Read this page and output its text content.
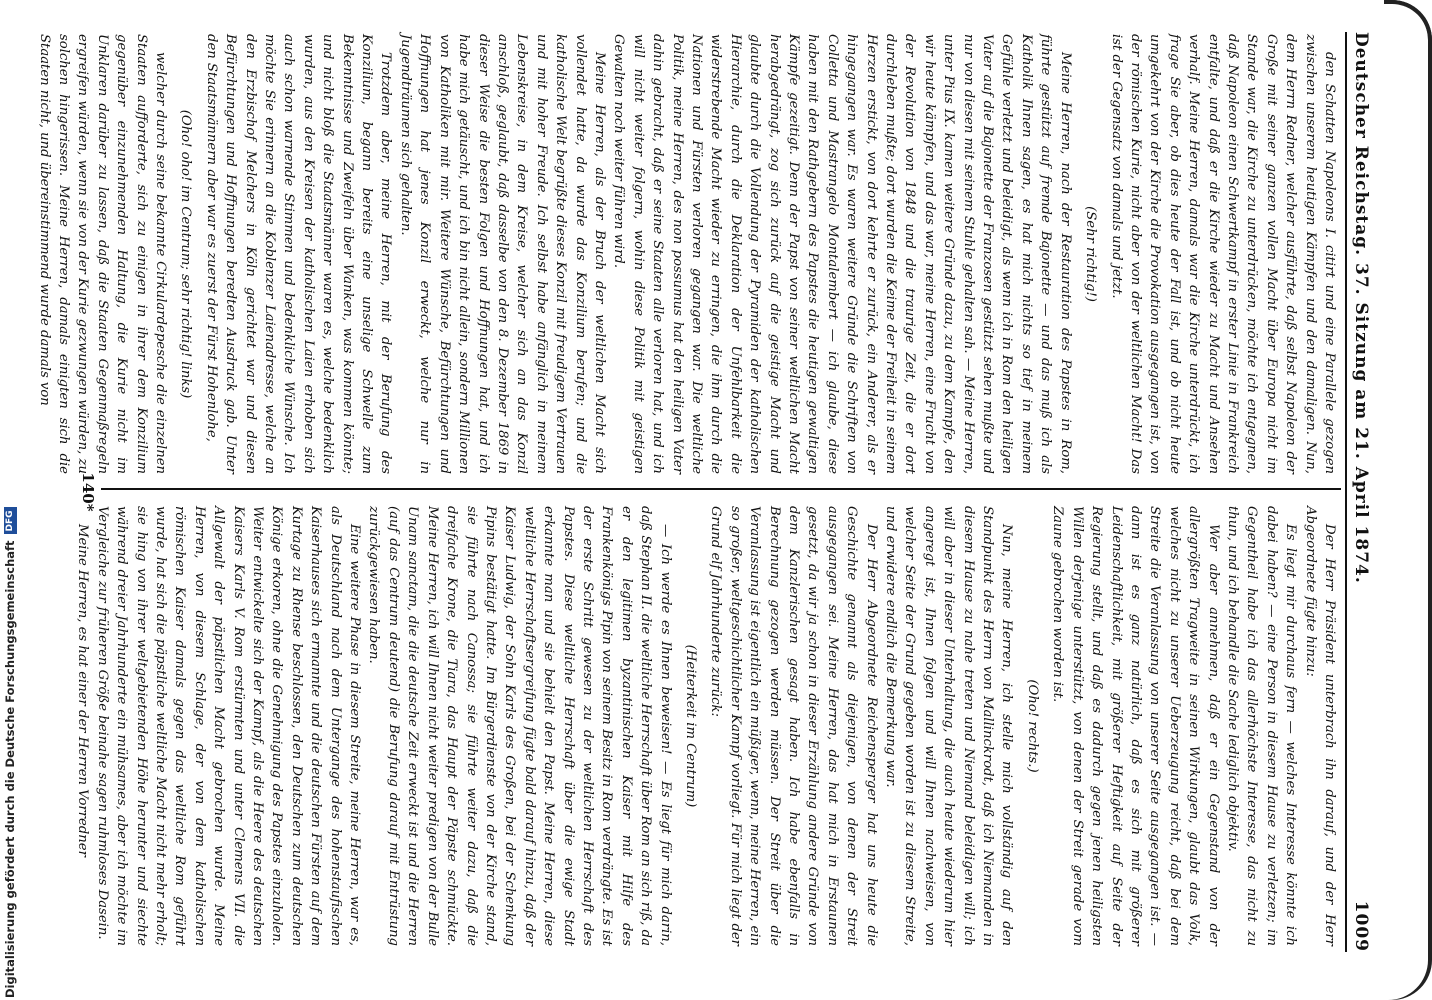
Deutscher Reichstag. 37. Sitzung am 21. April 1874.
1009

den Schatten Napoleons I. citirt und eine Parallele gezogen zwischen unserem heutigen Kämpfen und den damaligen. Nun, dem Herrn Redner, welcher ausführte, daß selbst Napoleon der Große mit seiner ganzen vollen Macht über Europa nicht im Stande war, die Kirche zu unterdrücken, möchte ich entgegnen, daß Napoleon einen Schwertkampf in erster Linie in Frankreich entfalte, und daß er die Kirche wieder zu Macht und Ansehen verhalf. Meine Herren, damals war die Kirche unterdrückt, ich frage Sie aber, ob dies heute der Fall ist, und ob nicht heute umgekehrt von der Kirche die Provokation ausgegangen ist, von der römischen Kurie, nicht aber von der weltlichen Macht! Das ist der Gegensatz von damals und jetzt.

(Sehr richtig!)

Meine Herren, nach der Restauration des Papstes in Rom, führte gestützt auf fremde Bajonette — und das muß ich als Katholik Ihnen sagen, es hat mich nichts so tief in meinem Gefühle verletzt und beleidigt, als wenn ich in Rom den heiligen Vater auf die Bajonette der Franzosen gestützt sehen mußte und nur von diesen mit seinem Stuhle gehalten sah. — Meine Herren, unter Pius IX. kamen weitere Gründe dazu, zu dem Kampfe, den wir heute kämpfen, und das war, meine Herren, eine Frucht von der Revolution von 1848 und die traurige Zeit, die er dort durchleben mußte; dort wurden die Keime der Freiheit in seinem Herzen erstickt, von dort kehrte er zurück, ein Anderer, als er hingegangen war. Es waren weitere Gründe die Schriften von Colletta und Mastrangelo Montalembert — ich glaube, diese haben mit den Rathgebern des Papstes die heutigen gewaltigen Kämpfe gezeitigt. Denn der Papst von seiner weltlichen Macht herabgedrängt, zog sich zurück auf die geistige Macht und glaubte durch die Vollendung der Pyramiden der katholischen Hierarchie, durch die Deklaration der Unfehlbarkeit die widerstrebende Macht wieder zu erringen, die ihm durch die Nationen und Fürsten verloren gegangen war. Die weltliche Politik, meine Herren, des non possumus hat den heiligen Vater dahin gebracht, daß er seine Staaten alle verloren hat, und ich will nicht weiter folgern, wohin diese Politik mit geistigen Gewalten noch weiter führen wird.

Meine Herren, als der Bruch der weltlichen Macht sich vollendet hatte, da wurde das Konzilium berufen; und die katholische Welt begrüßte dieses Konzil mit freudigem Vertrauen und mit hoher Freude. Ich selbst habe anfänglich in meinem Lebenskreise, in dem Kreise, welcher sich an das Konzil anschloß, geglaubt, daß dasselbe von den 8. Dezember 1869 in dieser Weise die besten Folgen und Hoffnungen hat, und ich habe mich getäuscht, und ich bin nicht allein, sondern Millionen von Katholiken mit mir. Weitere Wünsche, Befürchtungen und Hoffnungen hat jenes Konzil erweckt, welche nur in Jugendträumen sich gehalten.

Trotzdem aber, meine Herren, mit der Berufung des Konzilium, begann bereits eine unselige Schwelle zum Bekenntnisse und Zweifeln über Wanken, was kommen könnte; und nicht bloß die Staatsmänner waren es, welche bedenklich wurden, aus den Kreisen der katholischen Laien erhoben sich auch schon warnende Stimmen und bedenkliche Wünsche. Ich möchte Sie erinnern an die Koblenzer Laienadresse, welche an den Erzbischof Melchers in Köln gerichtet war und diesen Befürchtungen und Hoffnungen beredten Ausdruck gab. Unter den Staatsmännern aber war es zuerst der Fürst Hohenlohe,

(Oho! oho! im Centrum; sehr richtig! links)

welcher durch seine bekannte Cirkulardepesche die einzelnen Staaten aufforderte, sich zu einigen in ihrer dem Konzilium gegenüber einzunehmenden Haltung, die Kurie nicht im Unklaren darüber zu lassen, daß die Staaten Gegenmaßregeln ergreifen würden, wenn sie von der Kurie gezwungen würden, zu solchen hingerissen. Meine Herren, damals einigten sich die Staaten nicht, und übereinstimmend wurde damals von

Der Herr Präsident unterbrach ihn darauf, und der Herr Abgeordnete fügte hinzu:

Es liegt mir durchaus fern — welches Interesse könnte ich dabei haben? — eine Person in diesem Hause zu verletzen; im Gegentheil habe ich das allerhöchste Interesse, das nicht zu thun, und ich behandle die Sache lediglich objektiv.

Wer aber annehmen, daß er ein Gegenstand von der allergrößten Tragweite in seinen Wirkungen, glaubt das Volk, welches nicht zu unserer Ueberzeugung reicht, daß bei dem Streite die Veranlassung von unserer Seite ausgegangen ist. — dann ist es ganz natürlich, daß es sich mit größerer Leidenschaftlichkeit, mit größerer Heftigkeit auf Seite der Regierung stellt, und daß es dadurch gegen jenen heiligsten Willen derjenige unterstützt, von denen der Streit gerade vom Zaune gebrochen worden ist.

(Oho! rechts.)

Nun, meine Herren, ich stelle mich vollständig auf den Standpunkt des Herrn von Mallinckrodt, daß ich Niemanden in diesem Hause zu nahe treten und Niemand beleidigen will; ich will aber in dieser Unterhaltung, die auch heute wiederum hier angeregt ist, Ihnen folgen und will Ihnen nachweisen, von welcher Seite der Grund gegeben worden ist zu diesem Streite, und erwidere endlich die Bemerkung war.

Der Herr Abgeordnete Reichensperger hat uns heute die Geschichte genannt als diejenigen, von denen der Streit ausgegangen sei. Meine Herren, das hat mich in Erstaunen gesetzt, da wir ja schon in dieser Erzählung andere Gründe von dem Kanzlerischen gesagt haben. Ich habe ebenfalls in Berechnung gezogen werden müssen. Der Streit über die Veranlassung ist eigentlich ein müßiger, wenn, meine Herren, ein so großer, weltgeschichtlicher Kampf vorliegt. Für mich liegt der Grund elf Jahrhunderte zurück:

(Heiterkeit im Centrum)

— Ich werde es Ihnen beweisen! — Es liegt für mich darin, daß Stephan II. die weltliche Herrschaft über Rom an sich riß, da er den legitimen byzantinischen Kaiser mit Hilfe des Frankenkönigs Pipin von seinem Besitz in Rom verdrängte. Es ist der erste Schritt gewesen zu der weltlichen Herrschaft des Papstes. Diese weltliche Herrschaft über die ewige Stadt erkannte man und sie behielt den Papst. Meine Herren, diese weltliche Herrschaftsergreifung fügte bald darauf hinzu, daß der Kaiser Ludwig, der Sohn Karls des Großen, bei der Schenkung Pipins bestätigt hatte. Im Bürgerdienste von der Kirche stand, sie führte nach Canossa; sie führte weiter dazu, daß die dreifache Krone, die Tiara, das Haupt der Päpste schmückte. Meine Herren, ich will Ihnen nicht weiter predigen von der Bulle Unam sanctam, die die deutsche Zeit erweckt ist und die Herren (auf das Centrum deutend) die Berufung darauf mit Entrüstung zurückgewiesen haben.

Eine weitere Phase in diesem Streite, meine Herren, war es, als Deutschland nach dem Untergange des hohenstaufischen Kaiserhauses sich ermannte und die deutschen Fürsten auf dem Kurtage zu Rhense beschlossen, den Deutschen zum deutschen Könige erkoren, ohne die Genehmigung des Papstes einzuholen. Weiter entwickelte sich der Kampf, als die Heere des deutschen Kaisers Karls V. Rom erstürmten und unter Clemens VII. die Allgewalt der päpstlichen Macht gebrochen wurde. Meine Herren, von diesem Schlage, der von dem katholischen römischen Kaiser damals gegen das weltliche Rom geführt wurde, hat sich die päpstliche weltliche Macht nicht mehr erholt; sie hing von ihrer weltgebietenden Höhe herunter und siechte während dreier Jahrhunderte ein mühsames, aber ich möchte im Vergleiche zur früheren Größe beinahe sagen ruhmloses Dasein.

Meine Herren, es hat einer der Herren Vorredner

140*
Digitalisierung gefördert durch die Deutsche Forschungsgemeinschaft
DFG
